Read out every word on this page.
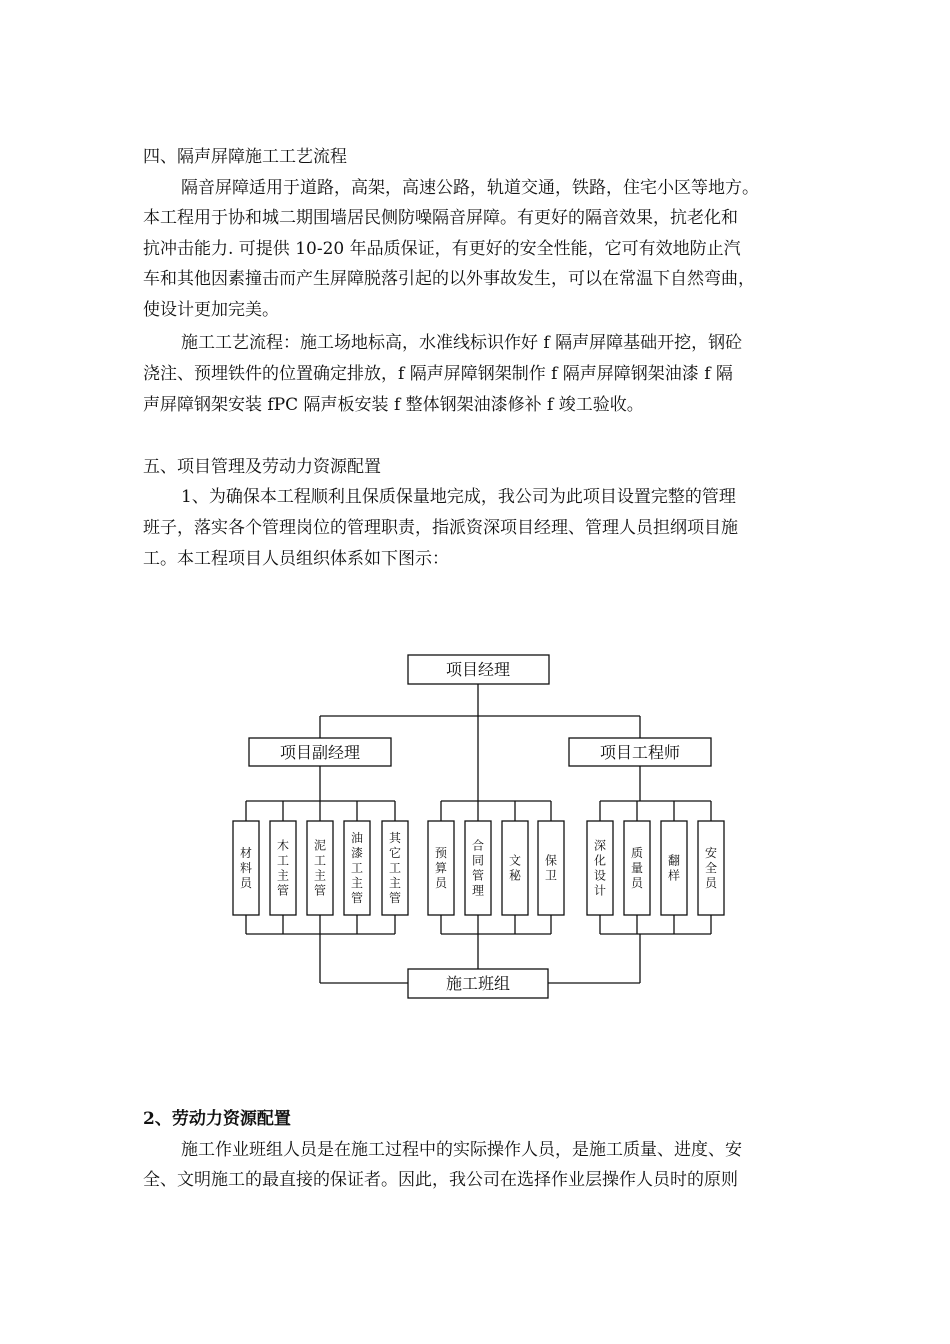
四、隔声屏障施工工艺流程

隔音屏障适用于道路，高架，高速公路，轨道交通，铁路，住宅小区等地方。

本工程用于协和城二期围墙居民侧防噪隔音屏障。有更好的隔音效果，抗老化和

抗冲击能力. 可提供 10-20 年品质保证，有更好的安全性能，它可有效地防止汽

车和其他因素撞击而产生屏障脱落引起的以外事故发生，可以在常温下自然弯曲，

使设计更加完美。

施工工艺流程：施工场地标高，水准线标识作好 f 隔声屏障基础开挖，钢砼

浇注、预埋铁件的位置确定排放，f 隔声屏障钢架制作 f 隔声屏障钢架油漆 f 隔

声屏障钢架安装 fPC 隔声板安装 f 整体钢架油漆修补 f 竣工验收。

五、项目管理及劳动力资源配置

1、为确保本工程顺利且保质保量地完成，我公司为此项目设置完整的管理

班子，落实各个管理岗位的管理职责，指派资深项目经理、管理人员担纲项目施

工。本工程项目人员组织体系如下图示：

项目经理
项目副经理	项目工程师
施工班组
材
料
员
木
工
主
管
泥
工
主
管
油
漆
工
主
管
其
它
工
主
管
预
算
员
合
同
管
理
文
秘
保
卫
深
化
设
计
质
量
员
翻
样
安
全
员

2、劳动力资源配置

施工作业班组人员是在施工过程中的实际操作人员，是施工质量、进度、安

全、文明施工的最直接的保证者。因此，我公司在选择作业层操作人员时的原则
